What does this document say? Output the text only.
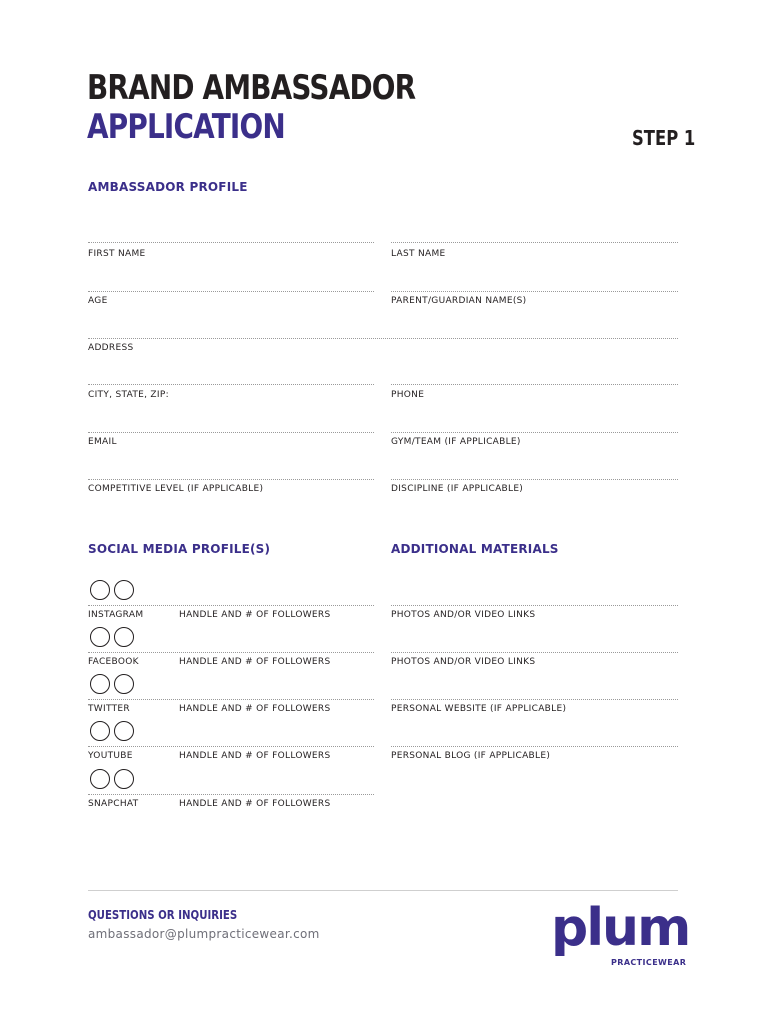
BRAND AMBASSADOR
APPLICATION	STEP 1
AMBASSADOR PROFILE
FIRST NAME	LAST NAME
AGE	PARENT/GUARDIAN NAME(S)
ADDRESS
CITY, STATE, ZIP:	PHONE
EMAIL	GYM/TEAM (IF APPLICABLE)
COMPETITIVE LEVEL (IF APPLICABLE)	DISCIPLINE (IF APPLICABLE)
SOCIAL MEDIA PROFILE(S)	ADDITIONAL MATERIALS
INSTAGRAM	HANDLE AND # OF FOLLOWERS
FACEBOOK	HANDLE AND # OF FOLLOWERS
TWITTER	HANDLE AND # OF FOLLOWERS
YOUTUBE	HANDLE AND # OF FOLLOWERS
SNAPCHAT	HANDLE AND # OF FOLLOWERS
PHOTOS AND/OR VIDEO LINKS
PHOTOS AND/OR VIDEO LINKS
PERSONAL WEBSITE (IF APPLICABLE)
PERSONAL BLOG (IF APPLICABLE)
QUESTIONS OR INQUIRIES
ambassador@plumpracticewear.com	plum
PRACTICEWEAR
